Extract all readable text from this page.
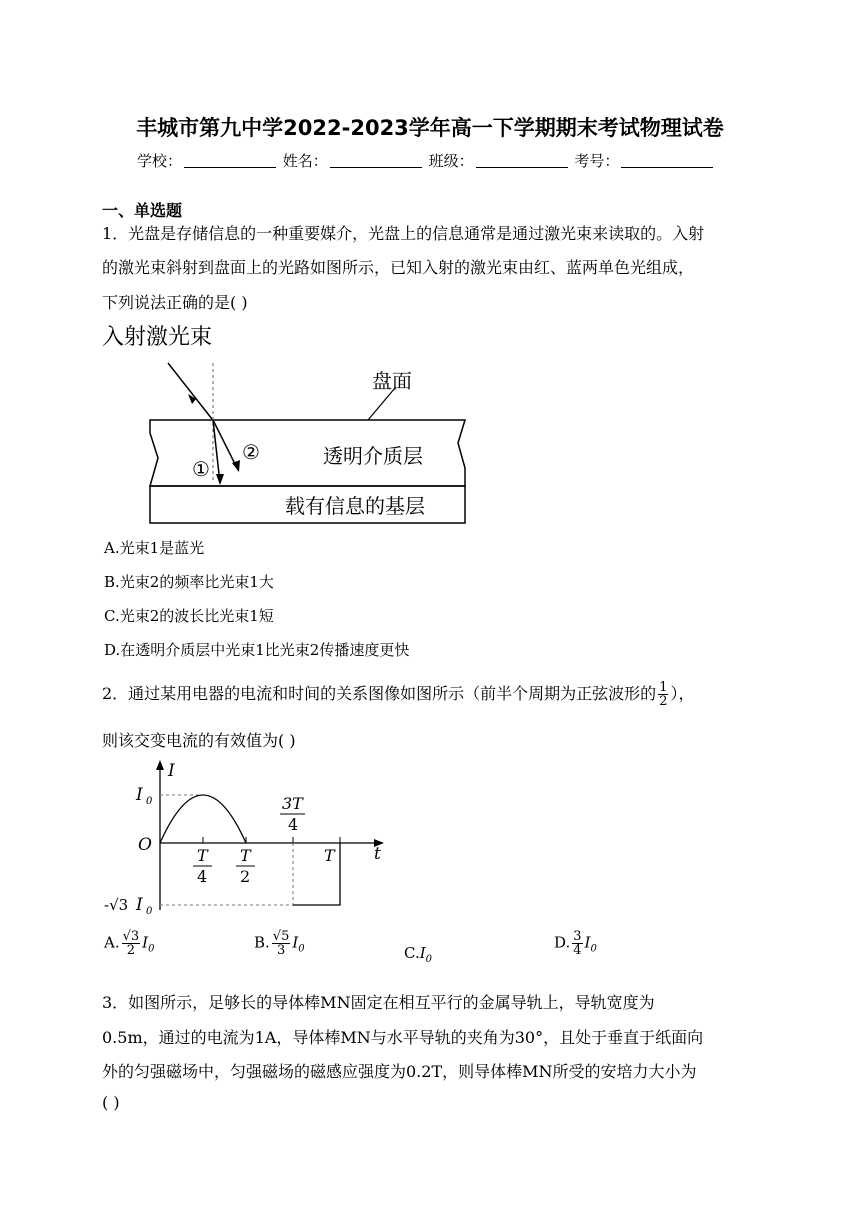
丰城市第九中学2022-2023学年高一下学期期末考试物理试卷
学校：	姓名：	班级：	考号：
一、单选题
1．光盘是存储信息的一种重要媒介，光盘上的信息通常是通过激光束来读取的。入射
的激光束斜射到盘面上的光路如图所示，已知入射的激光束由红、蓝两单色光组成，
下列说法正确的是( )
入射激光束
盘面
透明介质层
载有信息的基层
①
②
A.光束1是蓝光
B.光束2的频率比光束1大
C.光束2的波长比光束1短
D.在透明介质层中光束1比光束2传播速度更快
2．通过某用电器的电流和时间的关系图像如图所示（前半个周期为正弦波形的 $\frac{1}{2}$ ），
则该交变电流的有效值为( )
I
t
O
I 0
-√3 I 0
T
4
T
2
3T
4
T
A. $\frac{√3}{2} I_0$	B. $\frac{√5}{3} I_0$	$C.I_0$
D. $\frac{3}{4} I_0$
3．如图所示，足够长的导体棒MN固定在相互平行的金属导轨上，导轨宽度为
0.5m，通过的电流为1A，导体棒MN与水平导轨的夹角为30°，且处于垂直于纸面向
外的匀强磁场中，匀强磁场的磁感应强度为0.2T，则导体棒MN所受的安培力大小为
( )
